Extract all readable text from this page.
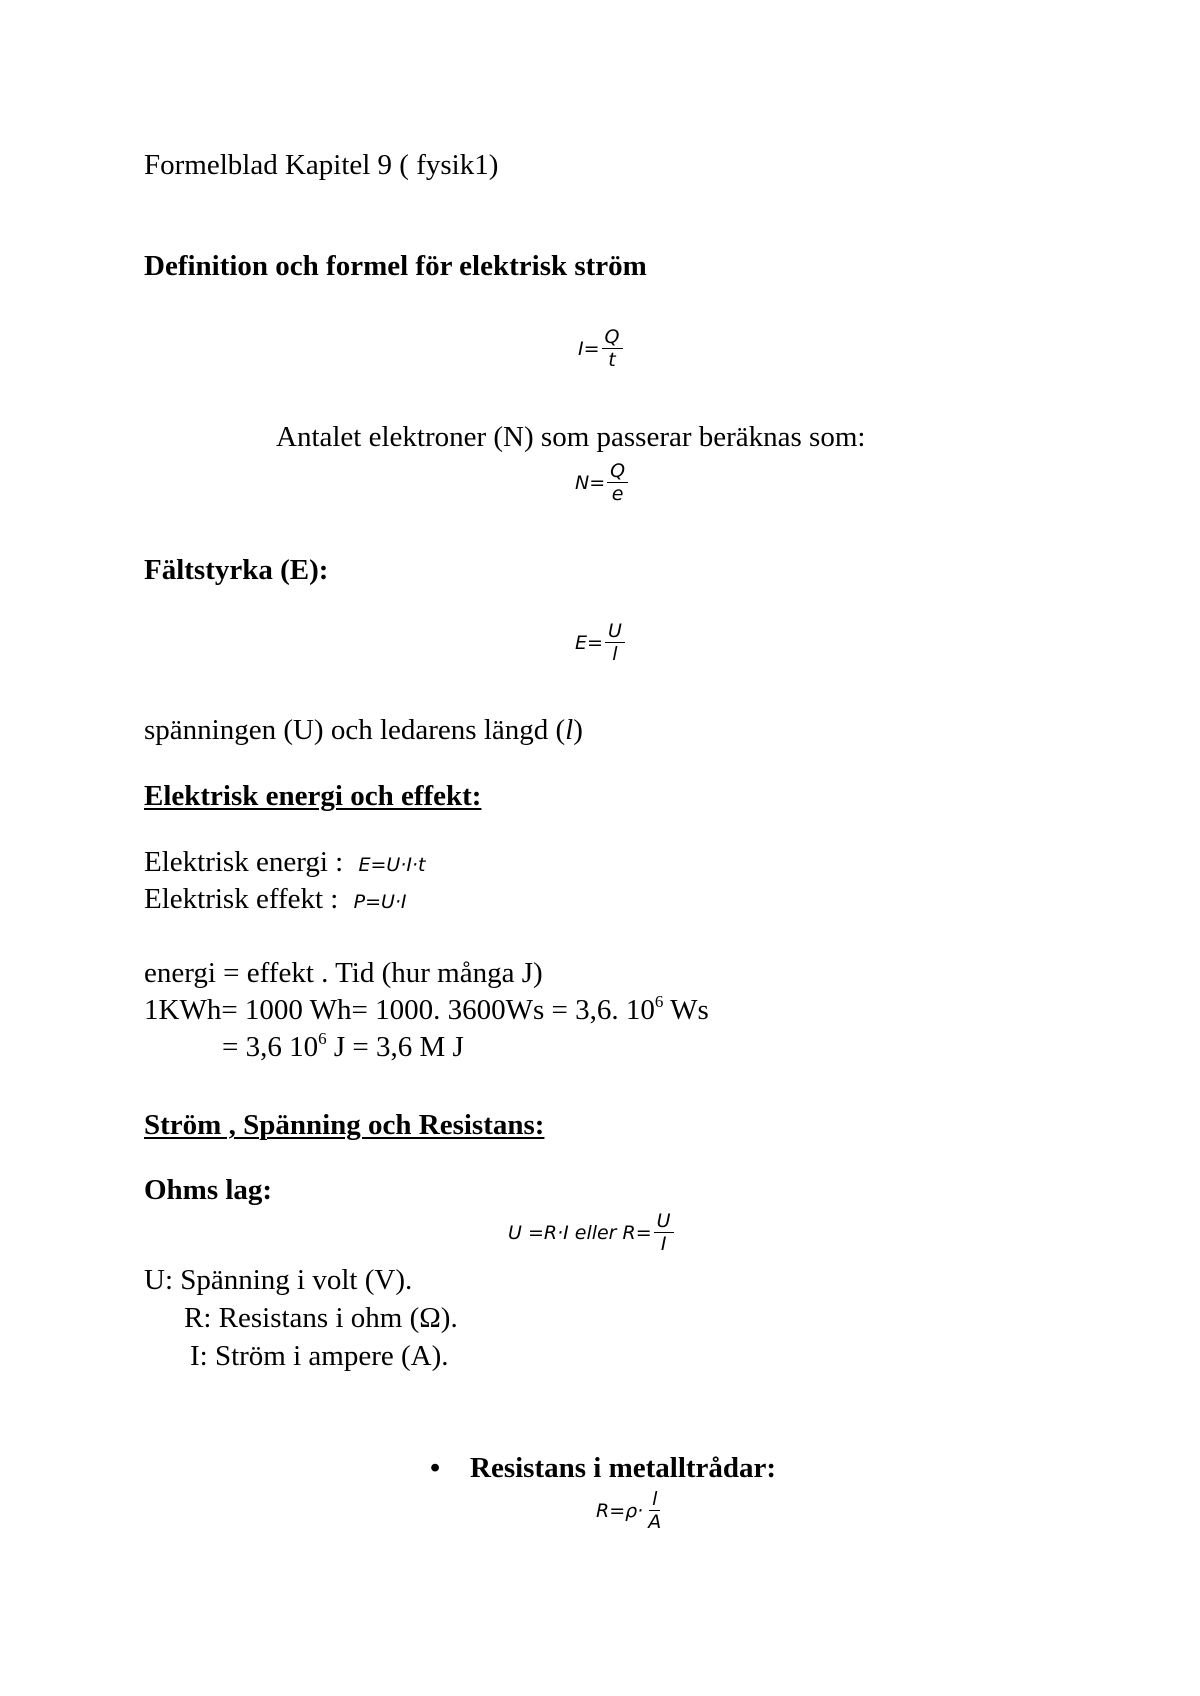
Formelblad Kapitel 9 ( fysik1)
Definition och formel för elektrisk ström
$I = \frac{Q}{t}$
Antalet elektroner (N) som passerar beräknas som:
$N = \frac{Q}{e}$
Fältstyrka (E):
$E = \frac{U}{l}$
spänningen (U) och ledarens längd (l)
Elektrisk energi och effekt:
Elektrisk energi : E=U·I·t
Elektrisk effekt : P=U·I
energi = effekt . Tid (hur många J)
1KWh= 1000 Wh= 1000. 3600Ws = 3,6. $10^6$ Ws
= 3,6 $10^6$ J = 3,6 M J
Ström , Spänning och Resistans:
Ohms lag:
U =R·I eller $R= \frac{U}{I}$
U: Spänning i volt (V).
R: Resistans i ohm (Ω).
I: Ström i ampere (A).
• Resistans i metalltrådar:
$R=\rho\cdot \frac{l}{A}$
